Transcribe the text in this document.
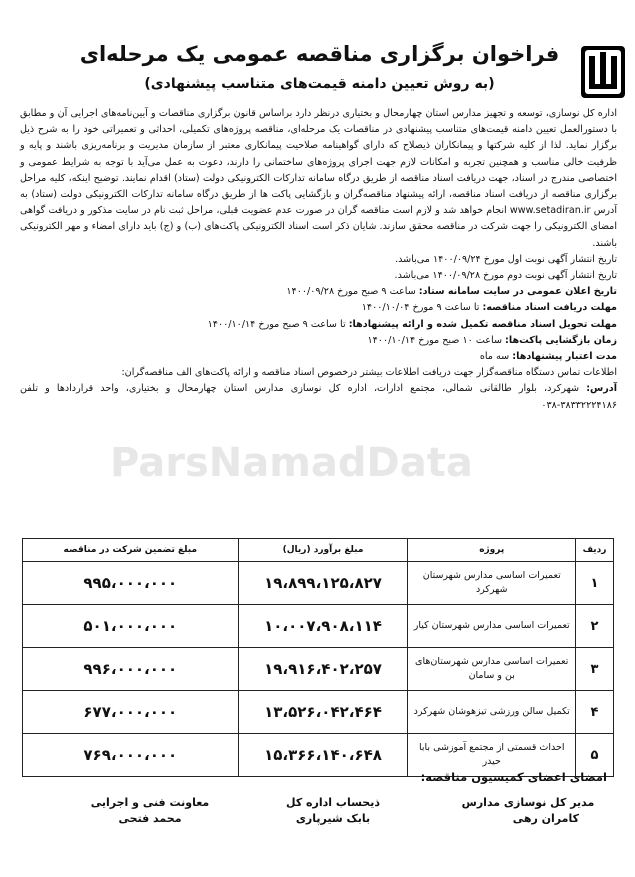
فراخوان برگزاری مناقصه عمومی یک مرحله‌ای
(به روش تعیین دامنه قیمت‌های متناسب پیشنهادی)

اداره کل نوسازی، توسعه و تجهیز مدارس استان چهارمحال و بختیاری درنظر دارد براساس قانون برگزاری مناقصات و آیین‌نامه‌های اجرایی آن و مطابق با دستورالعمل تعیین دامنه قیمت‌های متناسب پیشنهادی در مناقصات یک مرحله‌ای، مناقصه پروژه‌های تکمیلی، احداثی و تعمیراتی خود را به شرح ذیل برگزار نماید. لذا از کلیه شرکتها و پیمانکاران ذیصلاح که دارای گواهینامه صلاحیت پیمانکاری معتبر از سازمان مدیریت و برنامه‌ریزی باشند و پایه و ظرفیت خالی مناسب و همچنین تجربه و امکانات لازم جهت اجرای پروژه‌های ساختمانی را دارند، دعوت به عمل می‌آید با توجه به شرایط عمومی و اختصاصی مندرج در اسناد، جهت دریافت اسناد مناقصه از طریق درگاه سامانه تدارکات الکترونیکی دولت (ستاد) اقدام نمایند. توضیح اینکه، کلیه مراحل برگزاری مناقصه از دریافت اسناد مناقصه، ارائه پیشنهاد مناقصه‌گران و بازگشایی پاکت ها از طریق درگاه سامانه تدارکات الکترونیکی دولت (ستاد) به آدرس www.setadiran.ir انجام خواهد شد و لازم است مناقصه گران در صورت عدم عضویت قبلی، مراحل ثبت نام در سایت مذکور و دریافت گواهی امضای الکترونیکی را جهت شرکت در مناقصه محقق سازند. شایان ذکر است اسناد الکترونیکی پاکت‌های (ب) و (ج) باید دارای امضاء و مهر الکترونیکی باشند.

تاریخ انتشار آگهی نوبت اول مورخ ۱۴۰۰/۰۹/۲۴ می‌باشد.
تاریخ انتشار آگهی نوبت دوم مورخ ۱۴۰۰/۰۹/۲۸ می‌باشد.
تاریخ اعلان عمومی در سایت سامانه ستاد: ساعت ۹ صبح مورخ ۱۴۰۰/۰۹/۲۸
مهلت دریافت اسناد مناقصه: تا ساعت ۹ مورخ ۱۴۰۰/۱۰/۰۴
مهلت تحویل اسناد مناقصه تکمیل شده و ارائه پیشنهادها: تا ساعت ۹ صبح مورخ ۱۴۰۰/۱۰/۱۴
زمان بازگشایی پاکت‌ها: ساعت ۱۰ صبح مورخ ۱۴۰۰/۱۰/۱۴
مدت اعتبار پیشنهادها: سه ماه

اطلاعات تماس دستگاه مناقصه‌گزار جهت دریافت اطلاعات بیشتر درخصوص اسناد مناقصه و ارائه پاکت‌های الف مناقصه‌گران:

آدرس: شهرکرد، بلوار طالقانی شمالی، مجتمع ادارات، اداره کل نوسازی مدارس استان چهارمحال و بختیاری، واحد قراردادها و تلفن ۳۸۳۳۲۲۲۴۱۸۶-۰۳۸

ParsNamadData
ردیف	پروژه	مبلغ برآورد (ریال)	مبلغ تضمین شرکت در مناقصه
۱	تعمیرات اساسی مدارس شهرستان شهرکرد	۱۹،۸۹۹،۱۲۵،۸۲۷	۹۹۵،۰۰۰،۰۰۰
۲	تعمیرات اساسی مدارس شهرستان کیار	۱۰،۰۰۷،۹۰۸،۱۱۴	۵۰۱،۰۰۰،۰۰۰
۳	تعمیرات اساسی مدارس شهرستان‌های بن و سامان	۱۹،۹۱۶،۴۰۲،۲۵۷	۹۹۶،۰۰۰،۰۰۰
۴	تکمیل سالن ورزشی تیزهوشان شهرکرد	۱۳،۵۲۶،۰۴۲،۴۶۴	۶۷۷،۰۰۰،۰۰۰
۵	احداث قسمتی از مجتمع آموزشی بابا حیدر	۱۵،۳۶۶،۱۴۰،۶۴۸	۷۶۹،۰۰۰،۰۰۰
امضای اعضای کمیسیون مناقصه:
مدیر کل نوسازی مدارس
کامران رهی
ذیحساب اداره کل
بابک شیرپاری
معاونت فنی و اجرایی
محمد فتحی
